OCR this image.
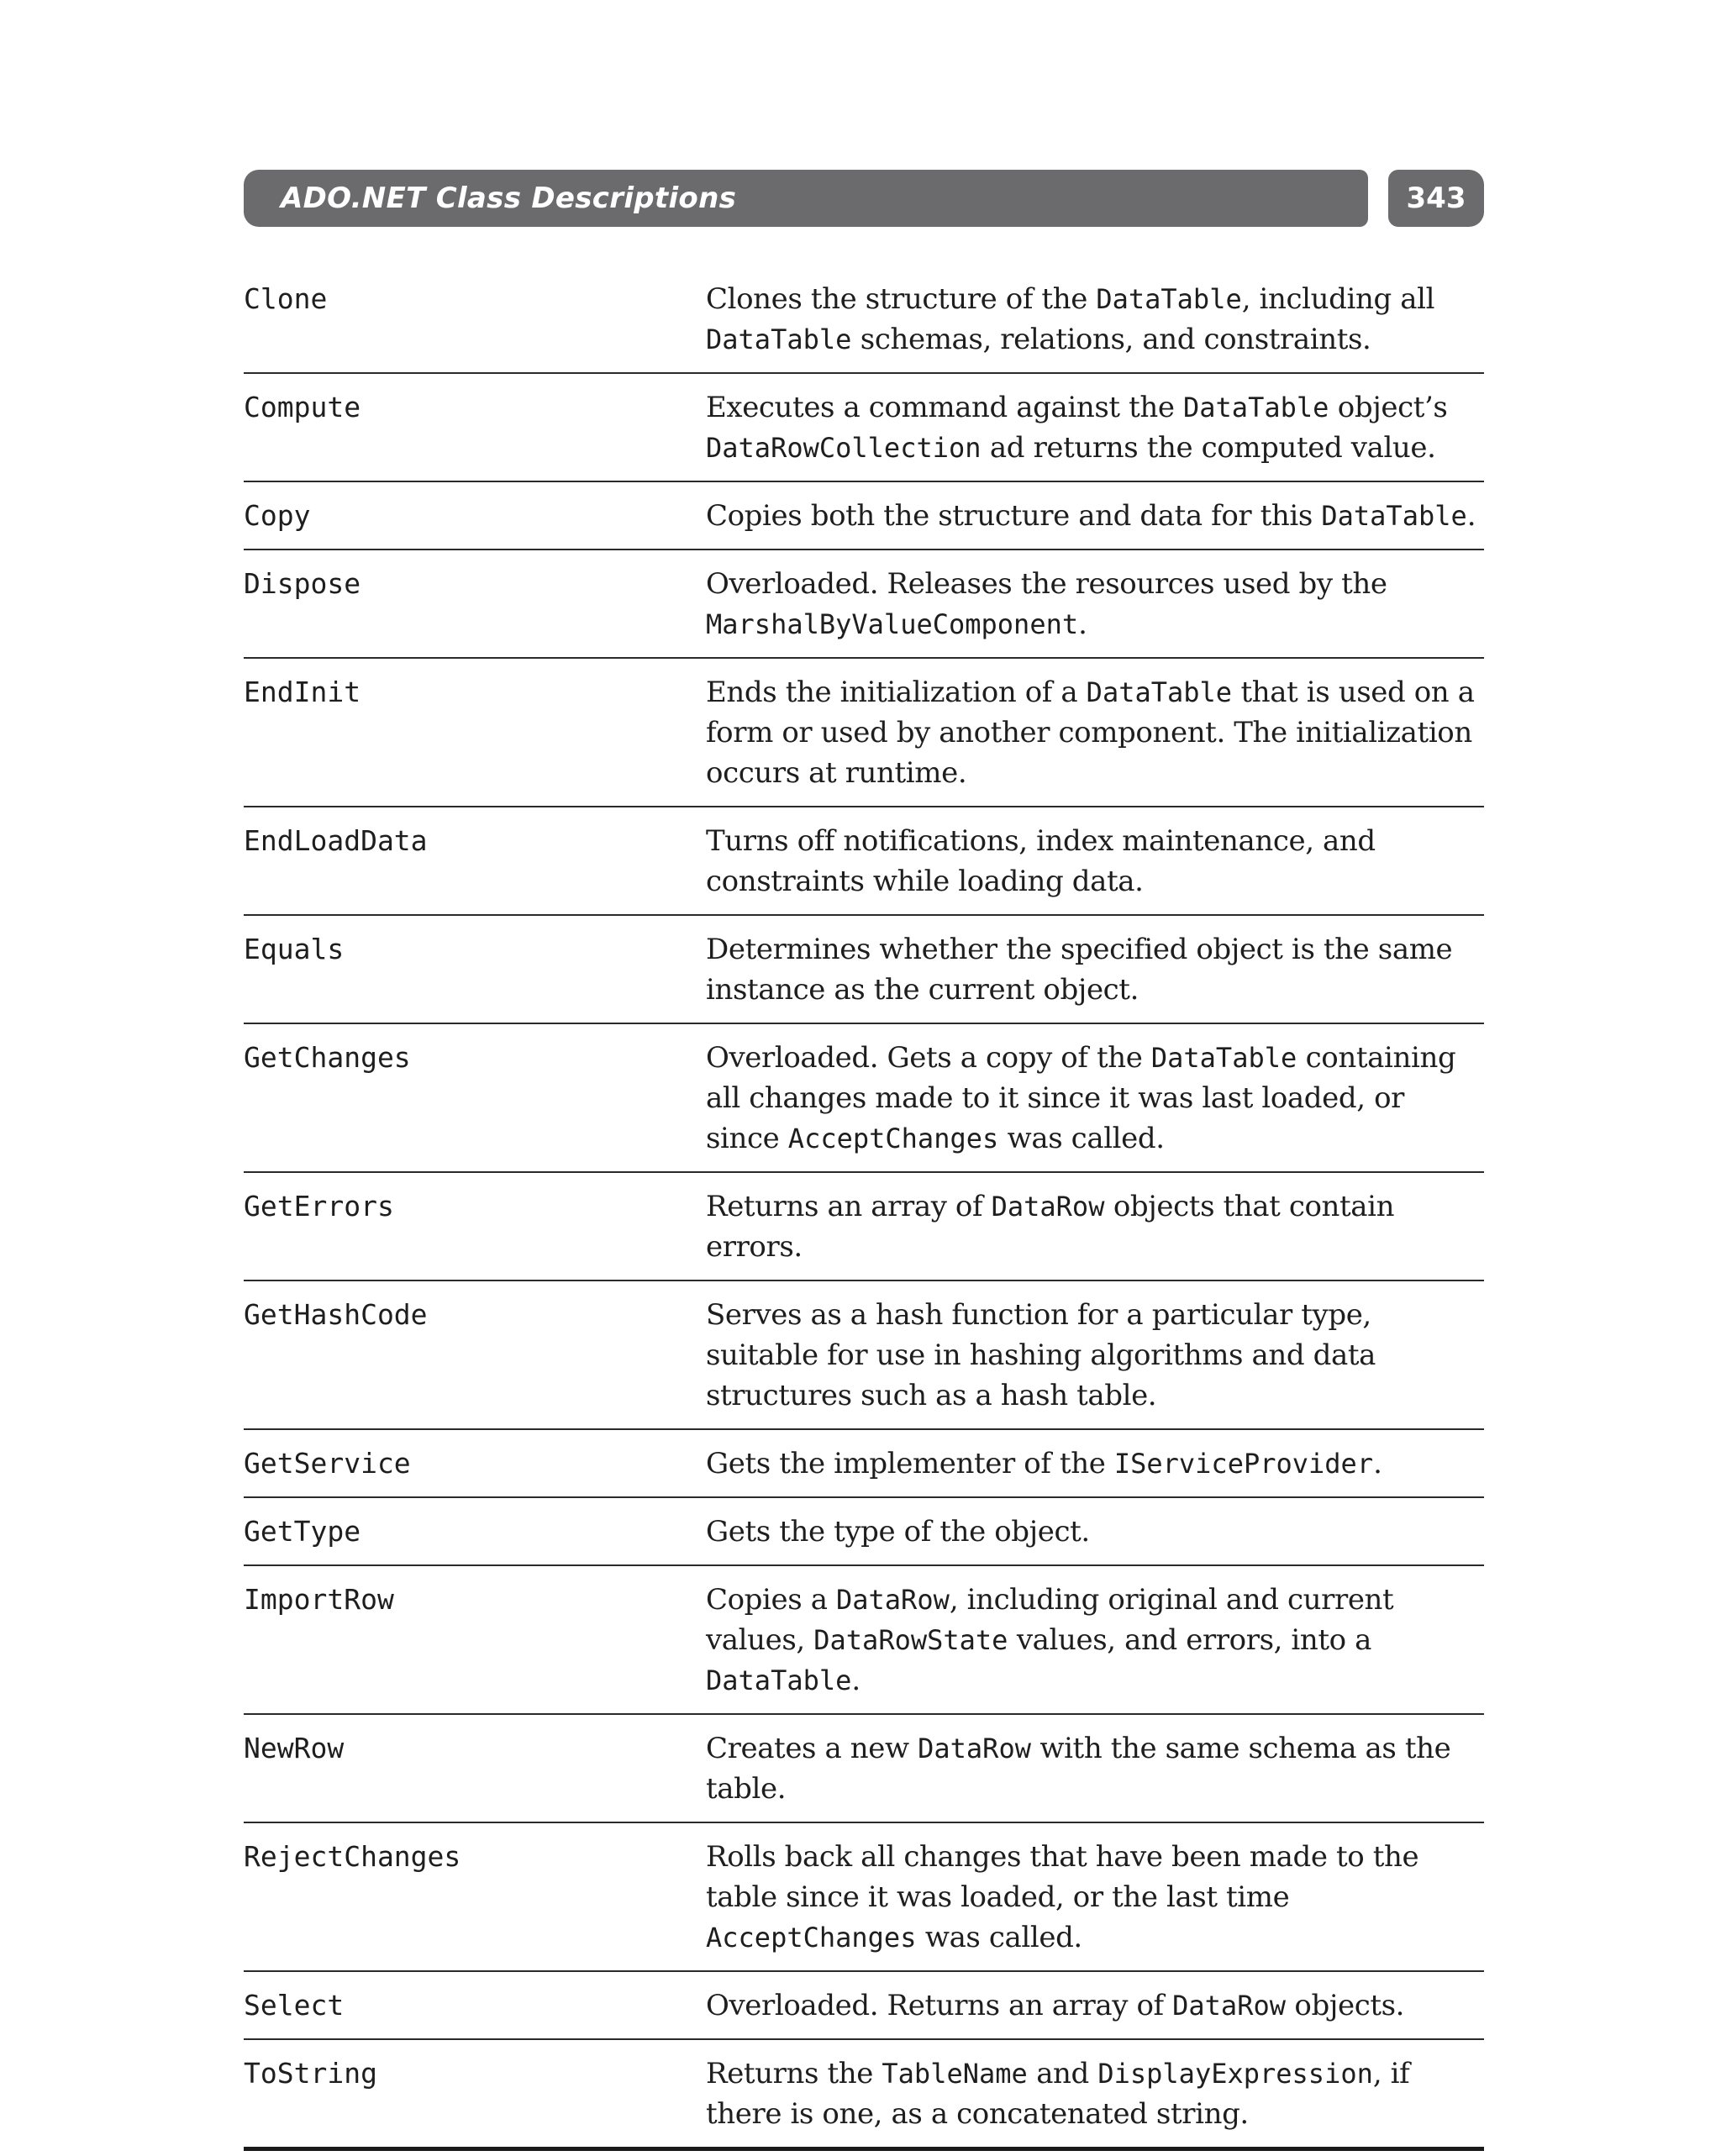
ADO.NET Class Descriptions	343
Clone	Clones the structure of the DataTable, including all DataTable schemas, relations, and constraints.
Compute	Executes a command against the DataTable object’s DataRowCollection ad returns the computed value.
Copy	Copies both the structure and data for this DataTable.
Dispose	Overloaded. Releases the resources used by the MarshalByValueComponent.
EndInit	Ends the initialization of a DataTable that is used on a form or used by another component. The initialization occurs at runtime.
EndLoadData	Turns off notifications, index maintenance, and constraints while loading data.
Equals	Determines whether the specified object is the same instance as the current object.
GetChanges	Overloaded. Gets a copy of the DataTable containing all changes made to it since it was last loaded, or since AcceptChanges was called.
GetErrors	Returns an array of DataRow objects that contain errors.
GetHashCode	Serves as a hash function for a particular type, suitable for use in hashing algorithms and data structures such as a hash table.
GetService	Gets the implementer of the IServiceProvider.
GetType	Gets the type of the object.
ImportRow	Copies a DataRow, including original and current values, DataRowState values, and errors, into a DataTable.
NewRow	Creates a new DataRow with the same schema as the table.
RejectChanges	Rolls back all changes that have been made to the table since it was loaded, or the last time AcceptChanges was called.
Select	Overloaded. Returns an array of DataRow objects.
ToString	Returns the TableName and DisplayExpression, if there is one, as a concatenated string.
